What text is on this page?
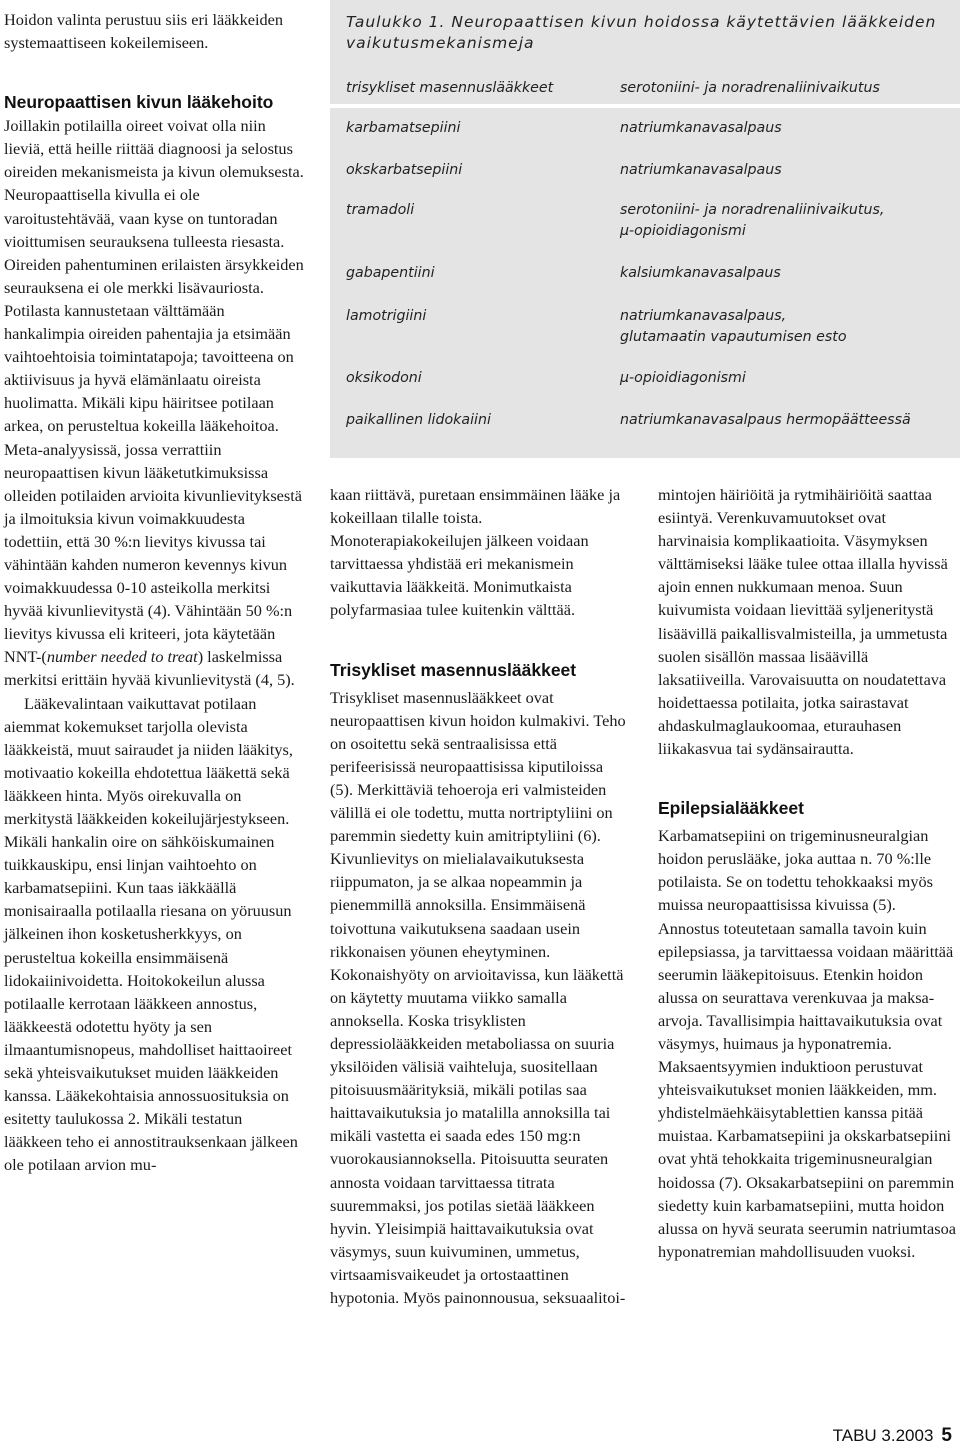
Hoidon valinta perustuu siis eri lääkkeiden systemaattiseen kokeilemiseen.

Neuropaattisen kivun lääkehoito

Joillakin potilailla oireet voivat olla niin lieviä, että heille riittää diagnoosi ja selostus oireiden mekanismeista ja kivun olemuksesta. Neuropaattisella kivulla ei ole varoitustehtävää, vaan kyse on tuntoradan vioittumisen seurauksena tulleesta riesasta. Oireiden pahentuminen erilaisten ärsykkeiden seurauksena ei ole merkki lisävauriosta. Potilasta kannustetaan välttämään hankalimpia oireiden pahentajia ja etsimään vaihtoehtoisia toimintatapoja; tavoitteena on aktiivisuus ja hyvä elämänlaatu oireista huolimatta. Mikäli kipu häiritsee potilaan arkea, on perusteltua kokeilla lääkehoitoa. Meta-analyysissä, jossa verrattiin neuropaattisen kivun lääketutkimuksissa olleiden potilaiden arvioita kivunlievityksestä ja ilmoituksia kivun voimakkuudesta todettiin, että 30 %:n lievitys kivussa tai vähintään kahden numeron kevennys kivun voimakkuudessa 0-10 asteikolla merkitsi hyvää kivunlievitystä (4). Vähintään 50 %:n lievitys kivussa eli kriteeri, jota käytetään NNT-(number needed to treat) laskelmissa merkitsi erittäin hyvää kivunlievitystä (4, 5).

Lääkevalintaan vaikuttavat potilaan aiemmat kokemukset tarjolla olevista lääkkeistä, muut sairaudet ja niiden lääkitys, motivaatio kokeilla ehdotettua lääkettä sekä lääkkeen hinta. Myös oirekuvalla on merkitystä lääkkeiden kokeilujärjestykseen. Mikäli hankalin oire on sähköiskumainen tuikkauskipu, ensi linjan vaihtoehto on karbamatsepiini. Kun taas iäkkäällä monisairaalla potilaalla riesana on yöruusun jälkeinen ihon kosketusherkkyys, on perusteltua kokeilla ensimmäisenä lidokaiinivoidetta. Hoitokokeilun alussa potilaalle kerrotaan lääkkeen annostus, lääkkeestä odotettu hyöty ja sen ilmaantumisnopeus, mahdolliset haittaoireet sekä yhteisvaikutukset muiden lääkkeiden kanssa. Lääkekohtaisia annossuosituksia on esitetty taulukossa 2. Mikäli testatun lääkkeen teho ei annostitrauksenkaan jälkeen ole potilaan arvion mu-

Taulukko 1. Neuropaattisen kivun hoidossa käytettävien lääkkeiden vaikutusmekanismeja
trisykliset masennuslääkkeet	serotoniini- ja noradrenaliinivaikutus
karbamatsepiini	natriumkanavasalpaus
okskarbatsepiini	natriumkanavasalpaus
tramadoli	serotoniini- ja noradrenaliinivaikutus,
µ-opioidiagonismi
gabapentiini	kalsiumkanavasalpaus
lamotrigiini	natriumkanavasalpaus,
glutamaatin vapautumisen esto
oksikodoni	µ-opioidiagonismi
paikallinen lidokaiini	natriumkanavasalpaus hermopäätteessä

kaan riittävä, puretaan ensimmäinen lääke ja kokeillaan tilalle toista. Monoterapiakokeilujen jälkeen voidaan tarvittaessa yhdistää eri mekanismein vaikuttavia lääkkeitä. Monimutkaista polyfarmasiaa tulee kuitenkin välttää.

Trisykliset masennuslääkkeet

Trisykliset masennuslääkkeet ovat neuropaattisen kivun hoidon kulmakivi. Teho on osoitettu sekä sentraalisissa että perifeerisissä neuropaattisissa kiputiloissa (5). Merkittäviä tehoeroja eri valmisteiden välillä ei ole todettu, mutta nortriptyliini on paremmin siedetty kuin amitriptyliini (6). Kivunlievitys on mielialavaikutuksesta riippumaton, ja se alkaa nopeammin ja pienemmillä annoksilla. Ensimmäisenä toivottuna vaikutuksena saadaan usein rikkonaisen yöunen eheytyminen. Kokonaishyöty on arvioitavissa, kun lääkettä on käytetty muutama viikko samalla annoksella. Koska trisyklisten depressiolääkkeiden metaboliassa on suuria yksilöiden välisiä vaihteluja, suositellaan pitoisuusmäärityksiä, mikäli potilas saa haittavaikutuksia jo matalilla annoksilla tai mikäli vastetta ei saada edes 150 mg:n vuorokausiannoksella. Pitoisuutta seuraten annosta voidaan tarvittaessa titrata suuremmaksi, jos potilas sietää lääkkeen hyvin. Yleisimpiä haittavaikutuksia ovat väsymys, suun kuivuminen, ummetus, virtsaamisvaikeudet ja ortostaattinen hypotonia. Myös painonnousua, seksuaalitoi-

mintojen häiriöitä ja rytmihäiriöitä saattaa esiintyä. Verenkuvamuutokset ovat harvinaisia komplikaatioita. Väsymyksen välttämiseksi lääke tulee ottaa illalla hyvissä ajoin ennen nukkumaan menoa. Suun kuivumista voidaan lievittää syljeneritystä lisäävillä paikallisvalmisteilla, ja ummetusta suolen sisällön massaa lisäävillä laksatiiveilla. Varovaisuutta on noudatettava hoidettaessa potilaita, jotka sairastavat ahdaskulmaglaukoomaa, eturauhasen liikakasvua tai sydänsairautta.

Epilepsialääkkeet

Karbamatsepiini on trigeminusneuralgian hoidon peruslääke, joka auttaa n. 70 %:lle potilaista. Se on todettu tehokkaaksi myös muissa neuropaattisissa kivuissa (5). Annostus toteutetaan samalla tavoin kuin epilepsiassa, ja tarvittaessa voidaan määrittää seerumin lääkepitoisuus. Etenkin hoidon alussa on seurattava verenkuvaa ja maksa-arvoja. Tavallisimpia haittavaikutuksia ovat väsymys, huimaus ja hyponatremia. Maksaentsyymien induktioon perustuvat yhteisvaikutukset monien lääkkeiden, mm. yhdistelmäehkäisytablettien kanssa pitää muistaa. Karbamatsepiini ja okskarbatsepiini ovat yhtä tehokkaita trigeminusneuralgian hoidossa (7). Oksakarbatsepiini on paremmin siedetty kuin karbamatsepiini, mutta hoidon alussa on hyvä seurata seerumin natriumtasoa hyponatremian mahdollisuuden vuoksi.

TABU 3.2003 5
